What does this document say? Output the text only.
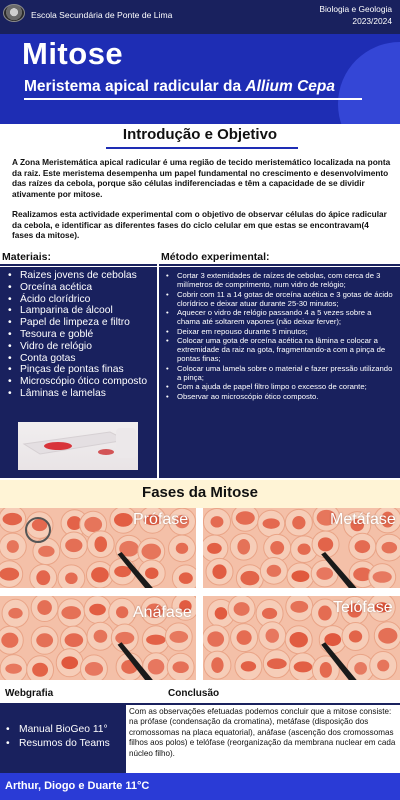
Escola Secundária de Ponte de Lima
Biologia e Geologia
2023/2024
Mitose
Meristema apical radicular da Allium Cepa
Introdução e Objetivo

A Zona Meristemática apical radicular é uma região de tecido meristemático localizada na ponta da raiz. Este meristema desempenha um papel fundamental no crescimento e desenvolvimento das raízes da cebola, porque são células indiferenciadas e têm a capacidade de se dividir ativamente por mitose.

Realizamos esta actividade experimental com o objetivo de observar células do ápice radicular da cebola, e identificar as diferentes fases do ciclo celular em que estas se encontravam(4 fases da mitose).

Materiais:	Método experimental:
• Raizes jovens de cebolas
• Orceína acética
• Ácido clorídrico
• Lamparina de álcool
• Papel de limpeza e filtro
• Tesoura e goblé
• Vidro de relógio
• Conta gotas
• Pinças de pontas finas
• Microscópio ótico composto
• Lâminas e lamelas
• Cortar 3 extemidades de raízes de cebolas, com cerca de 3 milímetros de comprimento, num vidro de relógio;
• Cobrir com 11 a 14 gotas de orceína acética e 3 gotas de ácido clorídrico e deixar atuar durante 25-30 minutos;
• Aquecer o vidro de relógio passando 4 a 5 vezes sobre a chama até soltarem vapores (não deixar ferver);
• Deixar em repouso durante 5 minutos;
• Colocar uma gota de orceína acética na lâmina e colocar a extremidade da raiz na gota, fragmentando-a com a pinça de pontas finas;
• Colocar uma lamela sobre o material e fazer pressão utilizando a pinça;
• Com a ajuda de papel filtro limpo o excesso de corante;
• Observar ao microscópio ótico composto.
Fases da Mitose
Prófase	Metáfase
Anáfase	Telófase
Webgrafia	Conclusão
• Manual BioGeo 11°
• Resumos do Teams

Com as observações efetuadas podemos concluir que a mitose consiste: na prófase (condensação da cromatina), metáfase (disposição dos cromossomas na placa equatorial), anáfase (ascenção dos cromossomas filhos aos polos) e telófase (reorganização da membrana nuclear em cada núcleo filho).

Arthur, Diogo e Duarte 11°C
